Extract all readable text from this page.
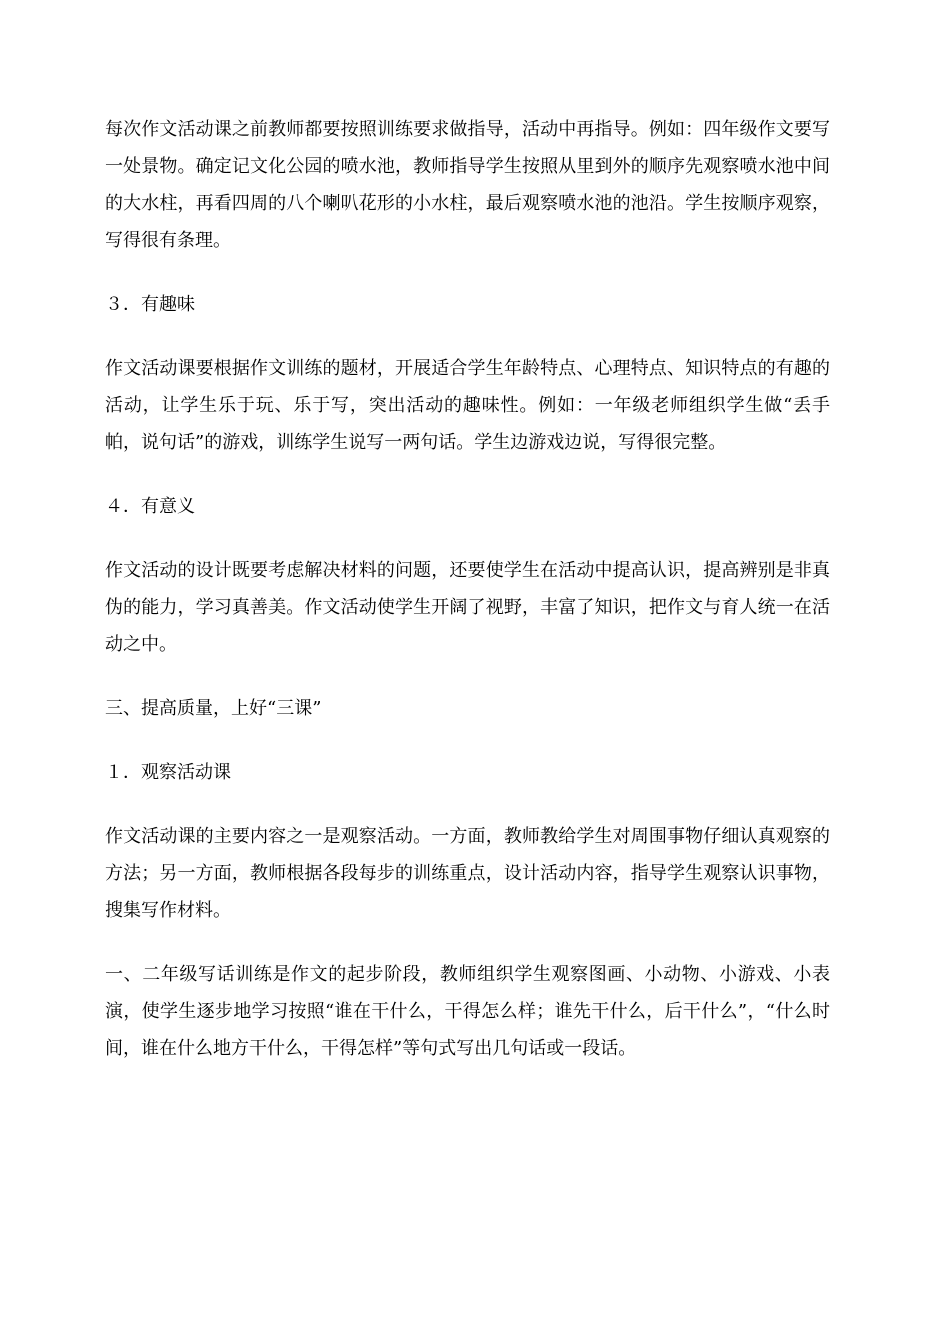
每次作文活动课之前教师都要按照训练要求做指导，活动中再指导。例如：四年级作文要写一处景物。确定记文化公园的喷水池，教师指导学生按照从里到外的顺序先观察喷水池中间的大水柱，再看四周的八个喇叭花形的小水柱，最后观察喷水池的池沿。学生按顺序观察，写得很有条理。

３．有趣味

作文活动课要根据作文训练的题材，开展适合学生年龄特点、心理特点、知识特点的有趣的活动，让学生乐于玩、乐于写，突出活动的趣味性。例如：一年级老师组织学生做“丢手帕，说句话”的游戏，训练学生说写一两句话。学生边游戏边说，写得很完整。

４．有意义

作文活动的设计既要考虑解决材料的问题，还要使学生在活动中提高认识，提高辨别是非真伪的能力，学习真善美。作文活动使学生开阔了视野，丰富了知识，把作文与育人统一在活动之中。

三、提高质量，上好“三课”

１．观察活动课

作文活动课的主要内容之一是观察活动。一方面，教师教给学生对周围事物仔细认真观察的方法；另一方面，教师根据各段每步的训练重点，设计活动内容，指导学生观察认识事物，搜集写作材料。

一、二年级写话训练是作文的起步阶段，教师组织学生观察图画、小动物、小游戏、小表演，使学生逐步地学习按照“谁在干什么，干得怎么样；谁先干什么，后干什么”，“什么时间，谁在什么地方干什么，干得怎样”等句式写出几句话或一段话。
